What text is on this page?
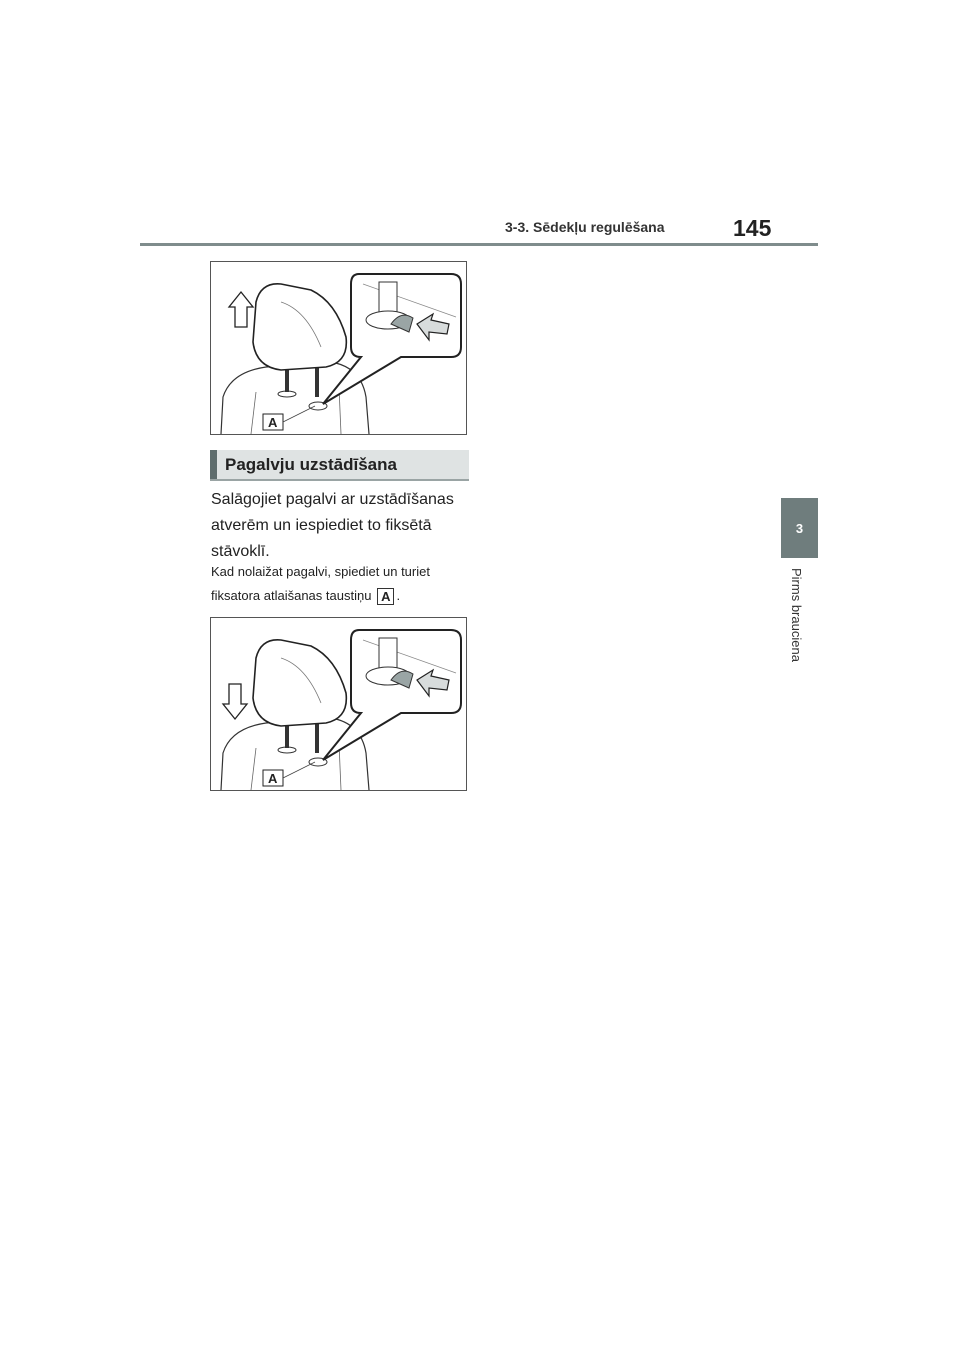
3-3. Sēdekļu regulēšana	145
3
Pirms braucienа
A
Pagalvju uzstādīšana
Salāgojiet pagalvi ar uzstādīšanas atverēm un iespiediet to fiksētā stāvoklī.
Kad nolaižat pagalvi, spiediet un turiet fiksatora atlaišanas taustiņu A .
A
